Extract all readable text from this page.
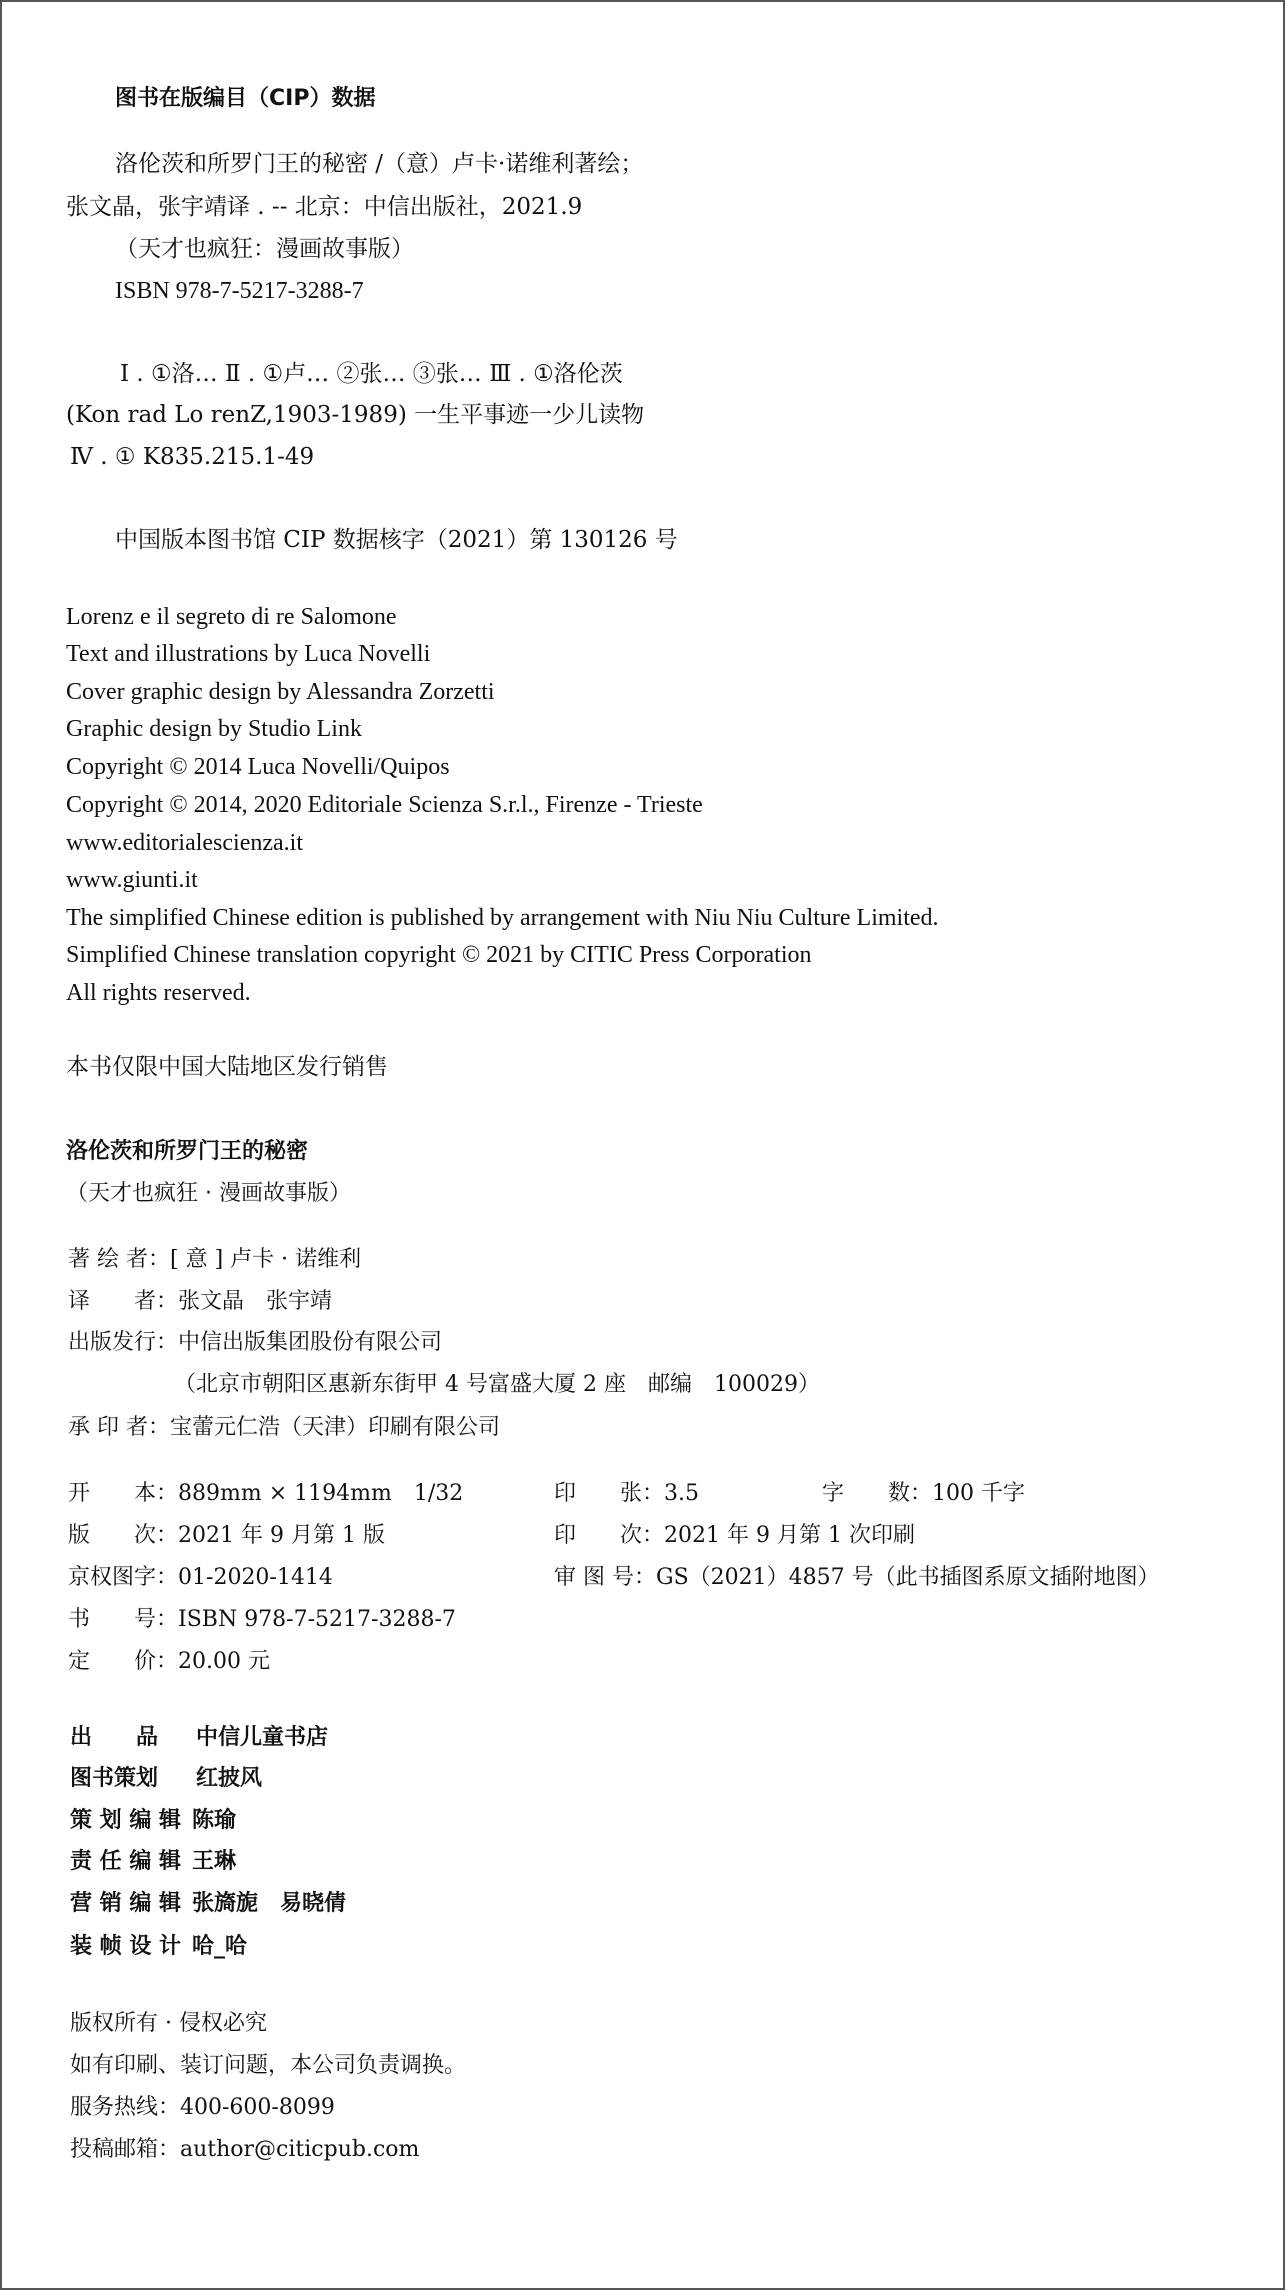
图书在版编目（CIP）数据
洛伦茨和所罗门王的秘密 /（意）卢卡·诺维利著绘；
张文晶，张宇靖译 . -- 北京：中信出版社，2021.9
（天才也疯狂：漫画故事版）
ISBN 978-7-5217-3288-7
Ⅰ . ①洛… Ⅱ . ①卢… ②张… ③张… Ⅲ . ①洛伦茨
(Kon rad Lo renZ,1903-1989) 一生平事迹一少儿读物
Ⅳ . ① K835.215.1-49
中国版本图书馆 CIP 数据核字（2021）第 130126 号
Lorenz e il segreto di re Salomone
Text and illustrations by Luca Novelli
Cover graphic design by Alessandra Zorzetti
Graphic design by Studio Link
Copyright © 2014 Luca Novelli/Quipos
Copyright © 2014, 2020 Editoriale Scienza S.r.l., Firenze - Trieste
www.editorialescienza.it
www.giunti.it
The simplified Chinese edition is published by arrangement with Niu Niu Culture Limited.
Simplified Chinese translation copyright © 2021 by CITIC Press Corporation
All rights reserved.
本书仅限中国大陆地区发行销售
洛伦茨和所罗门王的秘密
（天才也疯狂 · 漫画故事版）
著 绘 者：[ 意 ] 卢卡 · 诺维利
译　　者：张文晶　张宇靖
出版发行：中信出版集团股份有限公司
（北京市朝阳区惠新东街甲 4 号富盛大厦 2 座　邮编　100029）
承 印 者：宝蕾元仁浩（天津）印刷有限公司
开　　本：889mm × 1194mm　1/32
版　　次：2021 年 9 月第 1 版
京权图字：01-2020-1414
书　　号：ISBN 978-7-5217-3288-7
定　　价：20.00 元
印　　张：3.5	字　　数：100 千字
印　　次：2021 年 9 月第 1 次印刷
审 图 号：GS（2021）4857 号（此书插图系原文插附地图）
出　　品 中信儿童书店
图书策划 红披风
策 划 编 辑 陈瑜
责 任 编 辑 王琳
营 销 编 辑 张旖旎　易晓倩
装 帧 设 计 哈_哈
版权所有 · 侵权必究
如有印刷、装订问题，本公司负责调换。
服务热线：400-600-8099
投稿邮箱：author@citicpub.com
